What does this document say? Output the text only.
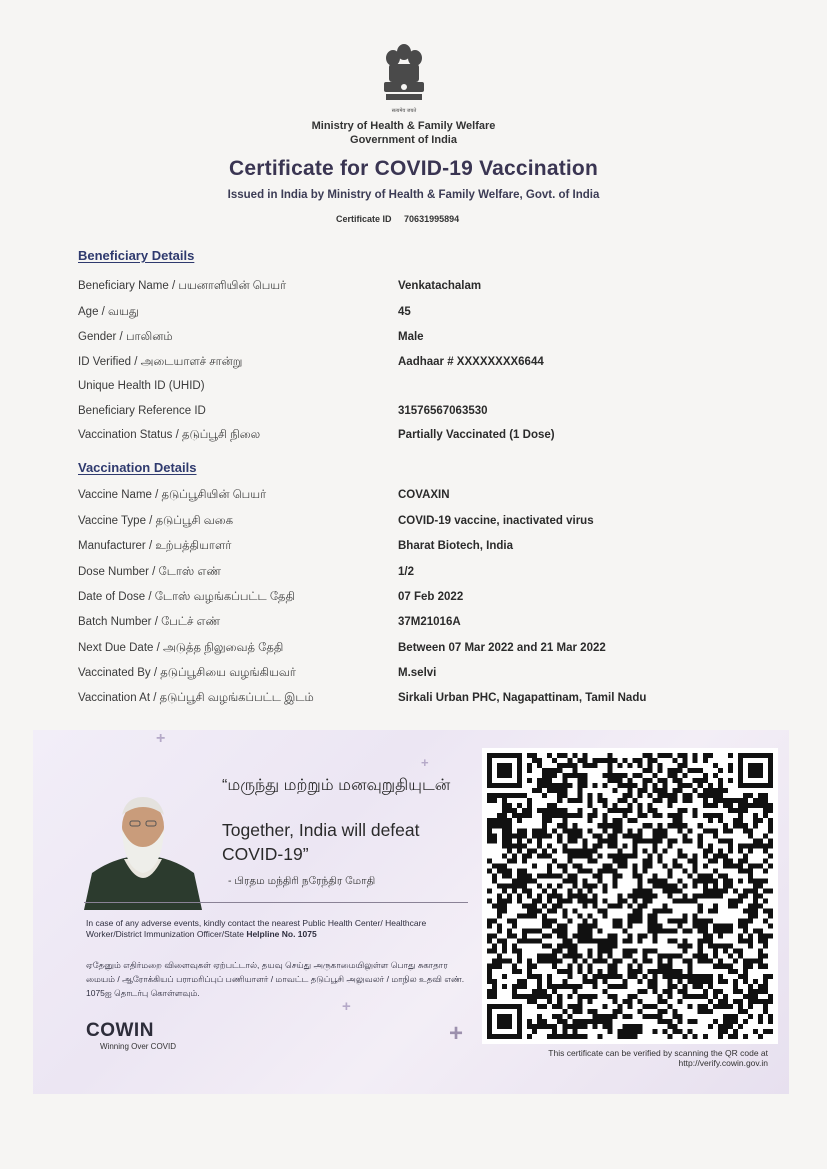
सत्यमेव जयते
Ministry of Health & Family Welfare
Government of India
Certificate for COVID-19 Vaccination
Issued in India by Ministry of Health & Family Welfare, Govt. of India
Certificate ID 70631995894
Beneficiary Details
Beneficiary Name / பயனாளியின் பெயர்	Venkatachalam
Age / வயது	45
Gender / பாலினம்	Male
ID Verified / அடையாளச் சான்று	Aadhaar # XXXXXXXX6644
Unique Health ID (UHID)
Beneficiary Reference ID	31576567063530
Vaccination Status / தடுப்பூசி நிலை	Partially Vaccinated (1 Dose)
Vaccination Details
Vaccine Name / தடுப்பூசியின் பெயர்	COVAXIN
Vaccine Type / தடுப்பூசி வகை	COVID-19 vaccine, inactivated virus
Manufacturer / உற்பத்தியாளர்	Bharat Biotech, India
Dose Number / டோஸ் எண்	1/2
Date of Dose / டோஸ் வழங்கப்பட்ட தேதி	07 Feb 2022
Batch Number / பேட்ச் எண்	37M21016A
Next Due Date / அடுத்த நிலுவைத் தேதி	Between 07 Mar 2022 and 21 Mar 2022
Vaccinated By / தடுப்பூசியை வழங்கியவர்	M.selvi
Vaccination At / தடுப்பூசி வழங்கப்பட்ட இடம்	Sirkali Urban PHC, Nagapattinam, Tamil Nadu
+
+
+
+
“மருந்து மற்றும் மனவுறுதியுடன்
Together, India will defeat COVID-19”
- பிரதம மந்திரி நரேந்திர மோதி
In case of any adverse events, kindly contact the nearest Public Health Center/ Healthcare Worker/District Immunization Officer/State Helpline No. 1075
ஏதேனும் எதிர்மறை விளைவுகள் ஏற்பட்டால், தயவு செய்து அருகாமையிலுள்ள பொது சுகாதார மையம் / ஆரோக்கியப் பராமரிப்புப் பணியாளர் / மாவட்ட தடுப்பூசி அலுவலர் / மாநில உதவி எண். 1075ஐ தொடர்பு கொள்ளவும்.
COWIN
Winning Over COVID
This certificate can be verified by scanning the QR code at
http://verify.cowin.gov.in
